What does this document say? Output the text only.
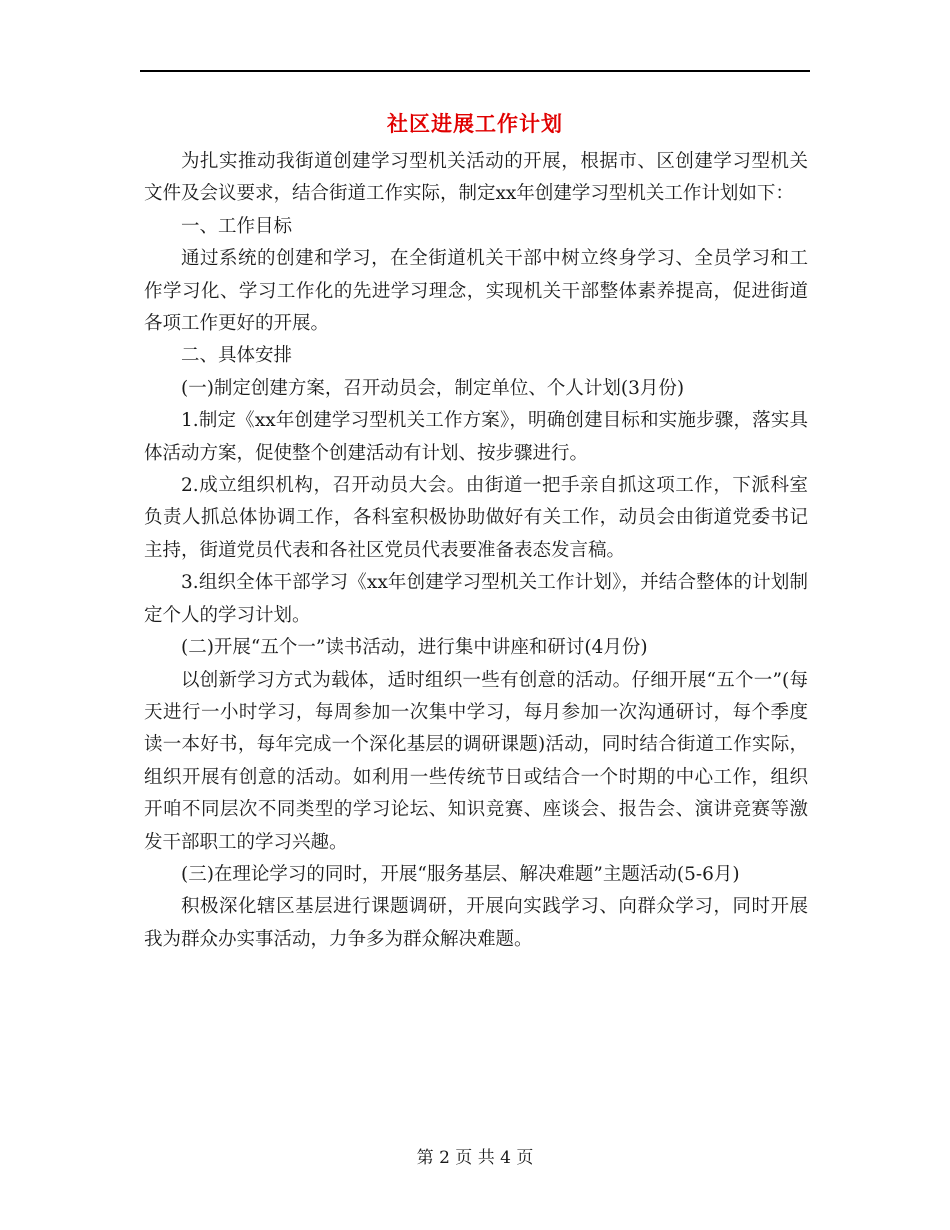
社区进展工作计划

为扎实推动我街道创建学习型机关活动的开展，根据市、区创建学习型机关文件及会议要求，结合街道工作实际，制定xx年创建学习型机关工作计划如下：

一、工作目标

通过系统的创建和学习，在全街道机关干部中树立终身学习、全员学习和工作学习化、学习工作化的先进学习理念，实现机关干部整体素养提高，促进街道各项工作更好的开展。

二、具体安排

(一)制定创建方案，召开动员会，制定单位、个人计划(3月份)

1.制定《xx年创建学习型机关工作方案》，明确创建目标和实施步骤，落实具体活动方案，促使整个创建活动有计划、按步骤进行。

2.成立组织机构，召开动员大会。由街道一把手亲自抓这项工作，下派科室负责人抓总体协调工作，各科室积极协助做好有关工作，动员会由街道党委书记主持，街道党员代表和各社区党员代表要准备表态发言稿。

3.组织全体干部学习《xx年创建学习型机关工作计划》，并结合整体的计划制定个人的学习计划。

(二)开展“五个一”读书活动，进行集中讲座和研讨(4月份)

以创新学习方式为载体，适时组织一些有创意的活动。仔细开展“五个一”(每天进行一小时学习，每周参加一次集中学习，每月参加一次沟通研讨，每个季度读一本好书，每年完成一个深化基层的调研课题)活动，同时结合街道工作实际，组织开展有创意的活动。如利用一些传统节日或结合一个时期的中心工作，组织开咱不同层次不同类型的学习论坛、知识竞赛、座谈会、报告会、演讲竞赛等激发干部职工的学习兴趣。

(三)在理论学习的同时，开展“服务基层、解决难题”主题活动(5-6月)

积极深化辖区基层进行课题调研，开展向实践学习、向群众学习，同时开展我为群众办实事活动，力争多为群众解决难题。

第 2 页 共 4 页
